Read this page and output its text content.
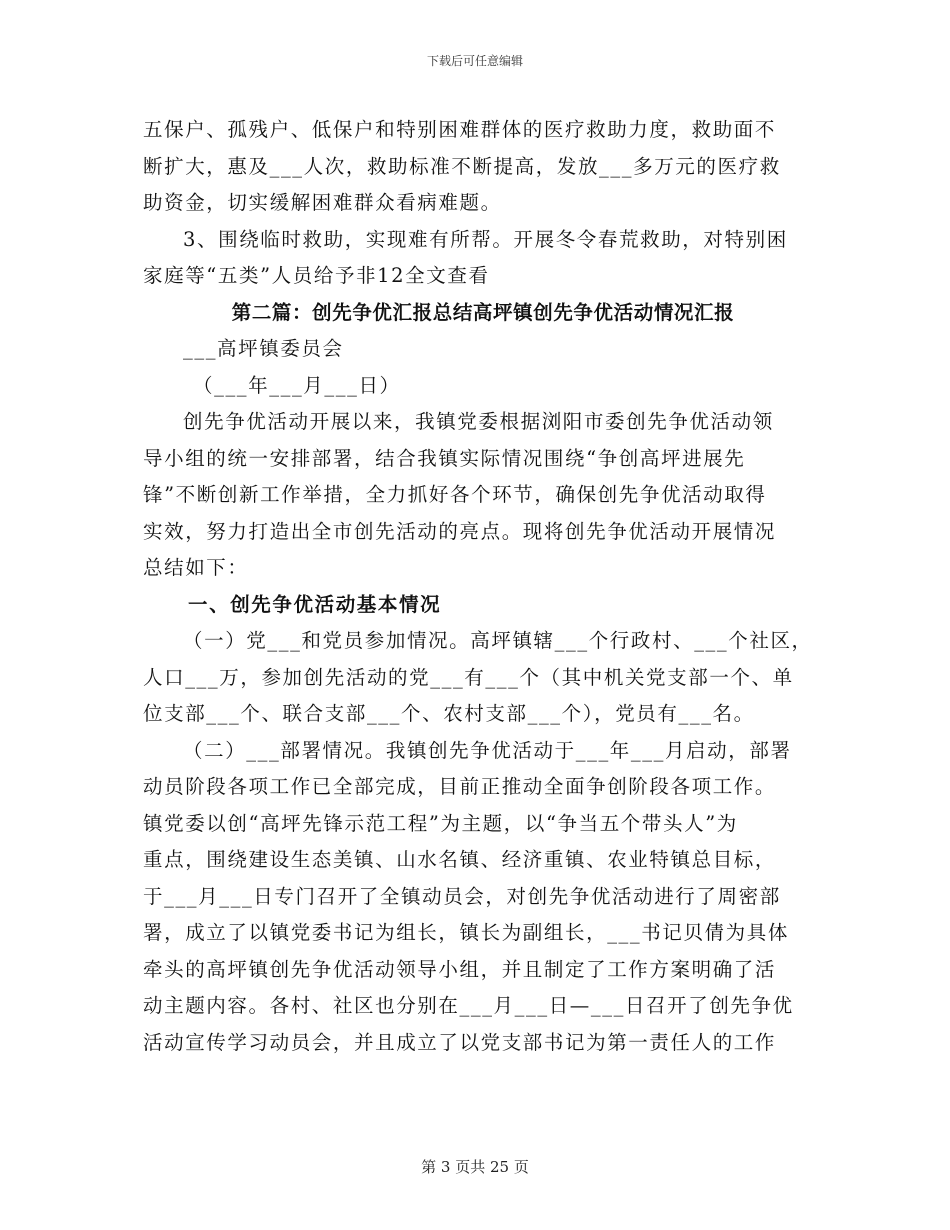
下载后可任意编辑
五保户、孤残户、低保户和特别困难群体的医疗救助力度，救助面不
断扩大，惠及___人次，救助标准不断提高，发放___多万元的医疗救
助资金，切实缓解困难群众看病难题。
3、围绕临时救助，实现难有所帮。开展冬令春荒救助，对特别困
家庭等“五类”人员给予非12全文查看
第二篇：创先争优汇报总结高坪镇创先争优活动情况汇报
___高坪镇委员会
（___年___月___日）
创先争优活动开展以来，我镇党委根据浏阳市委创先争优活动领
导小组的统一安排部署，结合我镇实际情况围绕“争创高坪进展先
锋”不断创新工作举措，全力抓好各个环节，确保创先争优活动取得
实效，努力打造出全市创先活动的亮点。现将创先争优活动开展情况
总结如下：
一、创先争优活动基本情况
（一）党___和党员参加情况。高坪镇辖___个行政村、___个社区，
人口___万，参加创先活动的党___有___个（其中机关党支部一个、单
位支部___个、联合支部___个、农村支部___个），党员有___名。
（二）___部署情况。我镇创先争优活动于___年___月启动，部署
动员阶段各项工作已全部完成，目前正推动全面争创阶段各项工作。
镇党委以创“高坪先锋示范工程”为主题，以“争当五个带头人”为
重点，围绕建设生态美镇、山水名镇、经济重镇、农业特镇总目标，
于___月___日专门召开了全镇动员会，对创先争优活动进行了周密部
署，成立了以镇党委书记为组长，镇长为副组长，___书记贝倩为具体
牵头的高坪镇创先争优活动领导小组，并且制定了工作方案明确了活
动主题内容。各村、社区也分别在___月___日—___日召开了创先争优
活动宣传学习动员会，并且成立了以党支部书记为第一责任人的工作
第 3 页共 25 页
